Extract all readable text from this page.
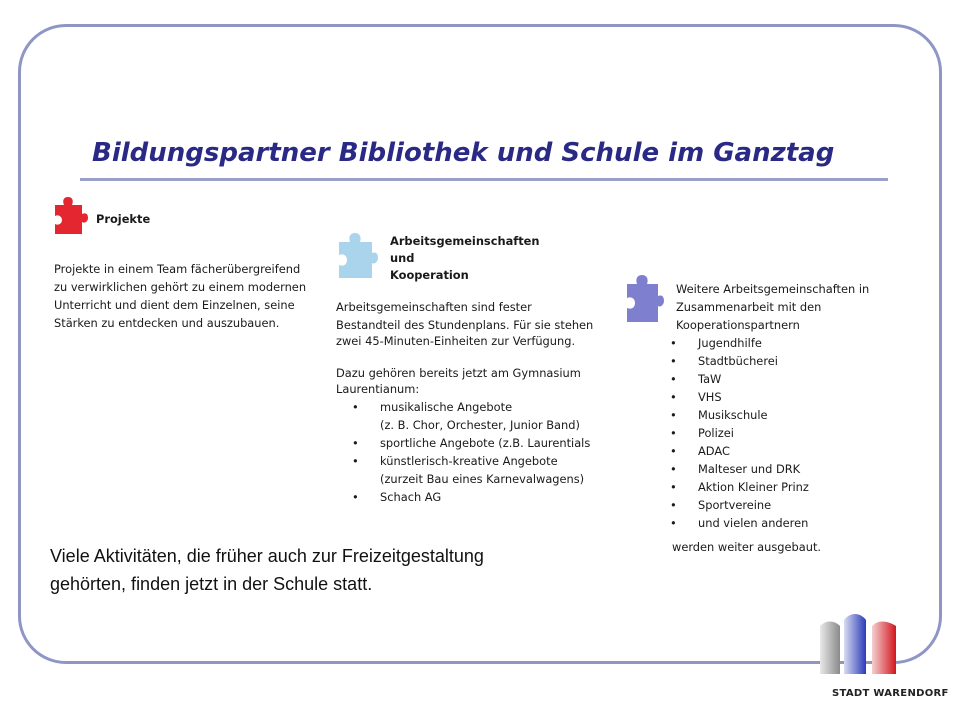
Bildungspartner Bibliothek und Schule im Ganztag
Projekte
Projekte in einem Team fächerübergreifend
zu verwirklichen gehört zu einem modernen
Unterricht und dient dem Einzelnen, seine
Stärken zu entdecken und auszubauen.
Arbeitsgemeinschaften
und
Kooperation
Arbeitsgemeinschaften sind fester
Bestandteil des Stundenplans. Für sie stehen
zwei 45-Minuten-Einheiten zur Verfügung.
Dazu gehören bereits jetzt am Gymnasium
Laurentianum:
• musikalische Angebote
(z. B. Chor, Orchester, Junior Band)
• sportliche Angebote (z.B. Laurentials
• künstlerisch-kreative Angebote
(zurzeit Bau eines Karnevalwagens)
• Schach AG
Weitere Arbeitsgemeinschaften in
Zusammenarbeit mit den
Kooperationspartnern
• Jugendhilfe
• Stadtbücherei
• TaW
• VHS
• Musikschule
• Polizei
• ADAC
• Malteser und DRK
• Aktion Kleiner Prinz
• Sportvereine
• und vielen anderen
werden weiter ausgebaut.
Viele Aktivitäten, die früher auch zur Freizeitgestaltung
gehörten, finden jetzt in der Schule statt.
STADT WARENDORF
